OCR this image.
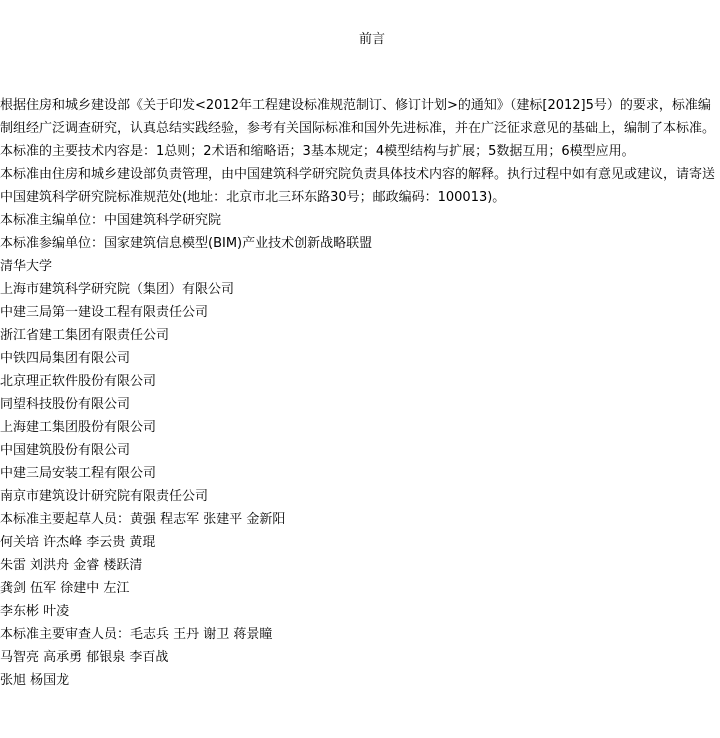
前言

根据住房和城乡建设部《关于印发<2012年工程建设标准规范制订、修订计划>的通知》（建标[2012]5号）的要求，标准编制组经广泛调查研究，认真总结实践经验，参考有关国际标准和国外先进标准，并在广泛征求意见的基础上，编制了本标准。

本标准的主要技术内容是：1总则；2术语和缩略语；3基本规定；4模型结构与扩展；5数据互用；6模型应用。

本标准由住房和城乡建设部负责管理，由中国建筑科学研究院负责具体技术内容的解释。执行过程中如有意见或建议，请寄送中国建筑科学研究院标准规范处(地址：北京市北三环东路30号；邮政编码：100013)。

本标准主编单位：中国建筑科学研究院

本标准参编单位：国家建筑信息模型(BIM)产业技术创新战略联盟

清华大学

上海市建筑科学研究院（集团）有限公司

中建三局第一建设工程有限责任公司

浙江省建工集团有限责任公司

中铁四局集团有限公司

北京理正软件股份有限公司

同望科技股份有限公司

上海建工集团股份有限公司

中国建筑股份有限公司

中建三局安装工程有限公司

南京市建筑设计研究院有限责任公司

本标准主要起草人员：黄强 程志军 张建平 金新阳

何关培 许杰峰 李云贵 黄琨

朱雷 刘洪舟 金睿 楼跃清

龚剑 伍军 徐建中 左江

李东彬 叶凌

本标准主要审查人员：毛志兵 王丹 谢卫 蒋景瞳

马智亮 高承勇 郁银泉 李百战

张旭 杨国龙
